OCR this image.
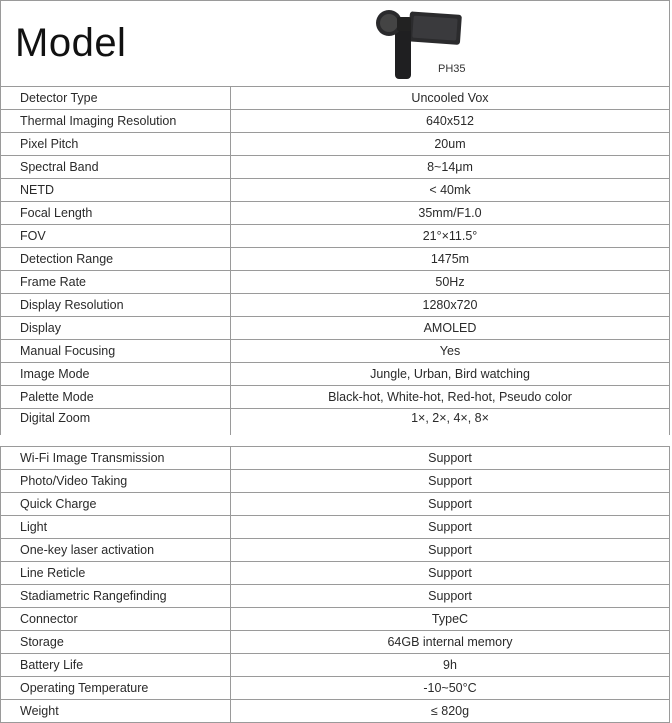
Model
PH35
Detector Type	Uncooled Vox
Thermal Imaging Resolution	640x512
Pixel Pitch	20um
Spectral Band	8~14μm
NETD	< 40mk
Focal Length	35mm/F1.0
FOV	21°×11.5°
Detection Range	1475m
Frame Rate	50Hz
Display Resolution	1280x720
Display	AMOLED
Manual Focusing	Yes
Image Mode	Jungle, Urban, Bird watching
Palette Mode	Black-hot, White-hot, Red-hot, Pseudo color
Digital Zoom	1×, 2×, 4×, 8×
Wi-Fi Image Transmission	Support
Photo/Video Taking	Support
Quick Charge	Support
Light	Support
One-key laser activation	Support
Line Reticle	Support
Stadiametric Rangefinding	Support
Connector	TypeC
Storage	64GB internal memory
Battery Life	9h
Operating Temperature	-10~50°C
Weight	≤ 820g
